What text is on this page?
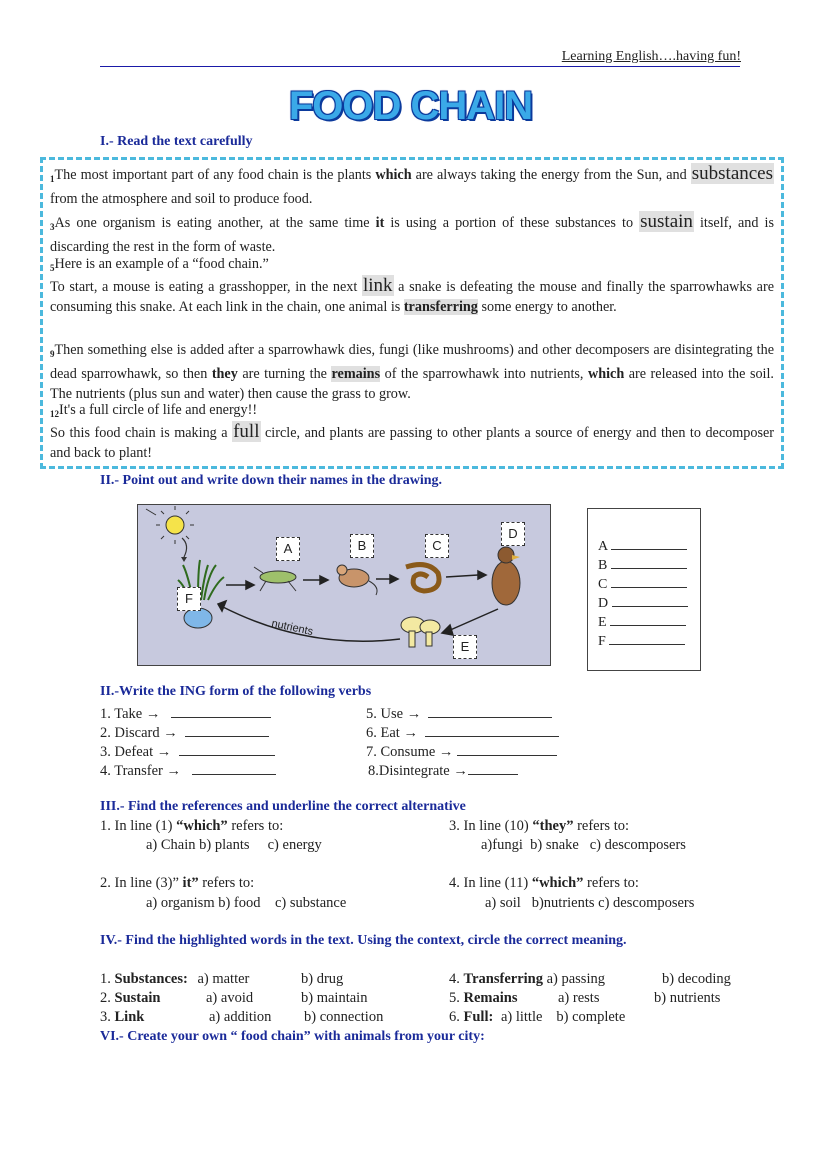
Learning English….having fun!
FOOD CHAIN
I.- Read the text carefully
$_1$The most important part of any food chain is the plants which are always taking the energy from the Sun, and substances from the atmosphere and soil to produce food.
$_3$As one organism is eating another, at the same time it is using a portion of these substances to sustain itself, and is discarding the rest in the form of waste.
$_5$Here is an example of a “food chain.”
To start, a mouse is eating a grasshopper, in the next link a snake is defeating the mouse and finally the sparrowhawks are consuming this snake. At each link in the chain, one animal is transferring some energy to another.
$_9$Then something else is added after a sparrowhawk dies, fungi (like mushrooms) and other decomposers are disintegrating the dead sparrowhawk, so then they are turning the remains of the sparrowhawk into nutrients, which are released into the soil. The nutrients (plus sun and water) then cause the grass to grow.
$_{12}$It's a full circle of life and energy!!
So this food chain is making a full circle, and plants are passing to other plants a source of energy and then to decomposer and back to plant!
II.- Point out and write down their names in the drawing.
nutrients
A	B	C
D
E
F
A
B
C
D
E
F
II.-Write the ING form of the following verbs
1. Take →
2. Discard →
3. Defeat →
4. Transfer →
5. Use →
6. Eat →
7. Consume →
8.Disintegrate →
III.- Find the references and underline the correct alternative
1. In line (1) “which” refers to:
a) Chain b) plants     c) energy
3. In line (10) “they” refers to:
a)fungi  b) snake   c) descomposers
2. In line (3)” it” refers to:
a) organism b) food    c) substance
4. In line (11) “which” refers to:
a) soil   b)nutrients c) descomposers
IV.- Find the highlighted words in the text. Using the context, circle the correct meaning.
1. Substances: a) matter	b) drug
2. Sustain	a) avoid	b) maintain
3. Link	a) addition b) connection
4. Transferring a) passing	b) decoding
5. Remains	a) rests	b) nutrients
6. Full: a) little b) complete
VI.- Create your own “ food chain” with animals from your city:
